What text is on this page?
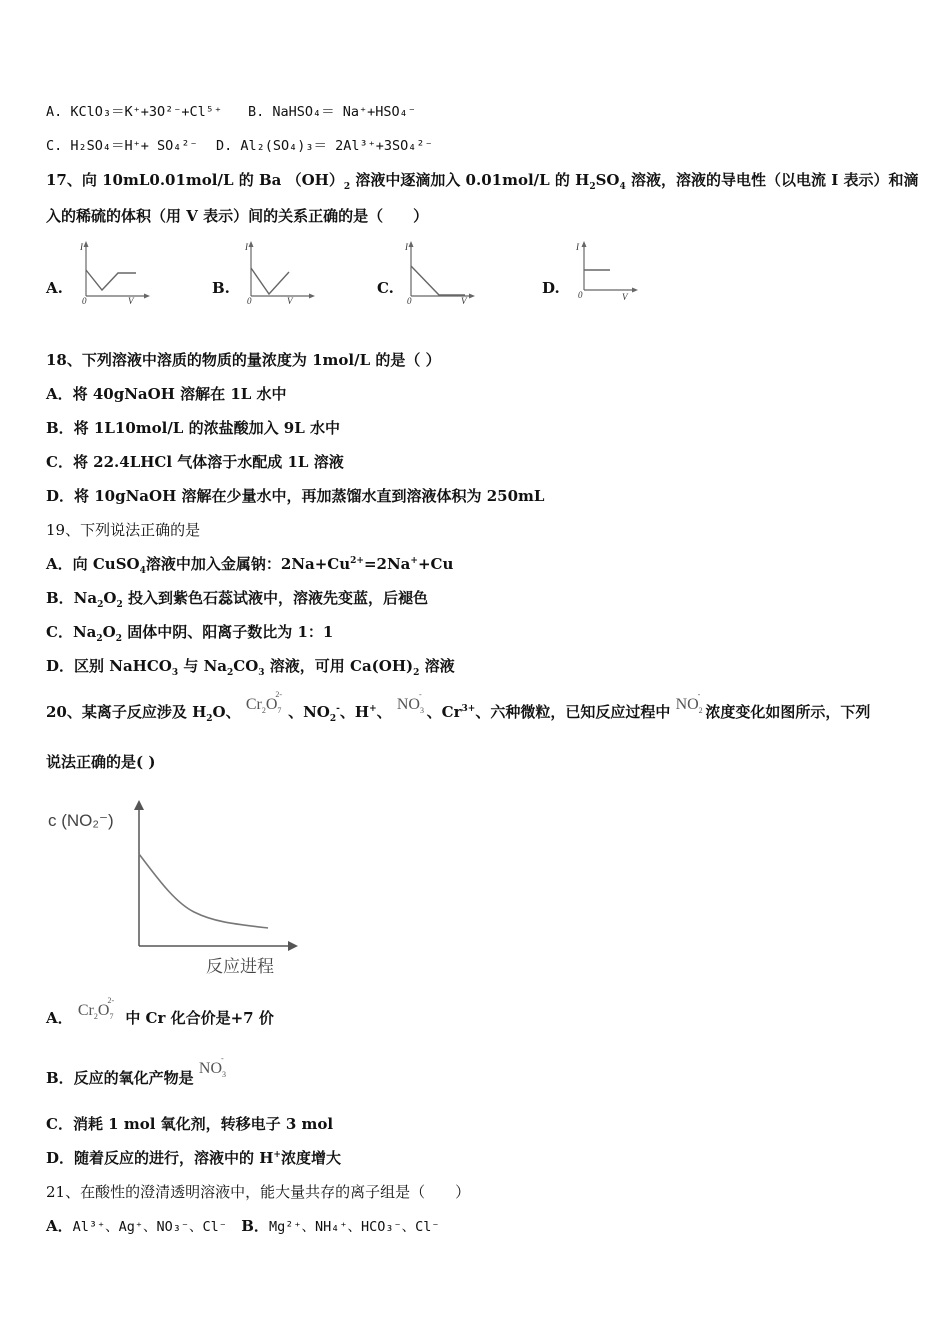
A. KClO₃＝K⁺+3O²⁻+Cl⁵⁺ B. NaHSO₄＝ Na⁺+HSO₄⁻
C. H₂SO₄＝H⁺+ SO₄²⁻ D. Al₂(SO₄)₃＝ 2Al³⁺+3SO₄²⁻
17、向 10mL0.01mol/L 的 Ba $(OH)_2$ 溶液中逐滴加入 0.01mol/L 的 $H_2SO_4$ 溶液，溶液的导电性（以电流 I 表示）和滴
入的稀硫的体积（用 V 表示）间的关系正确的是（　　）
A.
I
0	V
B.
I
0	V
C.
I
0	V
D.
I
0	V
18、下列溶液中溶质的物质的量浓度为 1mol/L 的是（ ）
A．将 40gNaOH 溶解在 1L 水中
B．将 1L10mol/L 的浓盐酸加入 9L 水中
C．将 22.4LHCl 气体溶于水配成 1L 溶液
D．将 10gNaOH 溶解在少量水中，再加蒸馏水直到溶液体积为 250mL
19、下列说法正确的是
A．向 CuSO$_4$溶液中加入金属钠：$2Na+Cu^{2+}=2Na^++Cu$
B．$Na_2O_2$ 投入到紫色石蕊试液中，溶液先变蓝，后褪色
C．$Na_2O_2$ 固体中阴、阳离子数比为 1：1
D．区别 NaHCO$_3$ 与 $Na_2CO_3$ 溶液，可用 $Ca(OH)_2$ 溶液
20、某离子反应涉及 $H_2O$、 $Cr_2O_7^{2-}$、$NO_2^-$、H+、 $NO_3^-$、$Cr^{3+}$、六种微粒，已知反应过程中 $NO_2^-$浓度变化如图所示，下列
说法正确的是( )
c (NO₂⁻)
反应进程
A． $Cr_2O_7^{2-}$ 中 Cr 化合价是+7 价
B．反应的氧化产物是 $NO_3^-$
C．消耗 1 mol 氧化剂，转移电子 3 mol
D．随着反应的进行，溶液中的 H+浓度增大
21、在酸性的澄清透明溶液中，能大量共存的离子组是（　　）
A．Al³⁺、Ag⁺、NO₃⁻、Cl⁻ B．Mg²⁺、NH₄⁺、HCO₃⁻、Cl⁻
